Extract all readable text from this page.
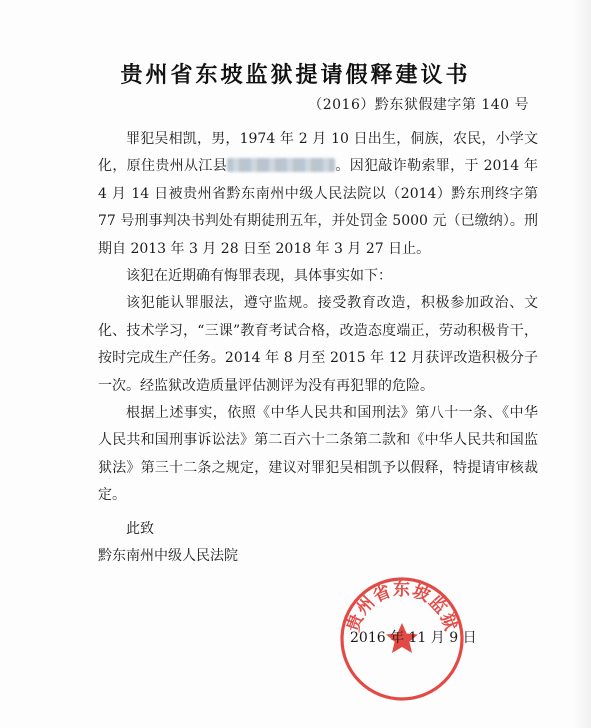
贵州省东坡监狱提请假释建议书
（2016）黔东狱假建字第 140 号

罪犯吴相凯，男，1974 年 2 月 10 日出生，侗族，农民，小学文化，原住贵州从江县	。因犯敲诈勒索罪，于 2014 年 4 月 14 日被贵州省黔东南州中级人民法院以（2014）黔东刑终字第 77 号刑事判决书判处有期徒刑五年，并处罚金 5000 元（已缴纳）。刑期自 2013 年 3 月 28 日至 2018 年 3 月 27 日止。

该犯在近期确有悔罪表现，具体事实如下：

该犯能认罪服法，遵守监规。接受教育改造，积极参加政治、文化、技术学习，“三课”教育考试合格，改造态度端正，劳动积极肯干，按时完成生产任务。2014 年 8 月至 2015 年 12 月获评改造积极分子一次。经监狱改造质量评估测评为没有再犯罪的危险。

根据上述事实，依照《中华人民共和国刑法》第八十一条、《中华人民共和国刑事诉讼法》第二百六十二条第二款和《中华人民共和国监狱法》第三十二条之规定，建议对罪犯吴相凯予以假释，特提请审核裁定。

此致
黔东南州中级人民法院
贵州省东坡监狱
2016 年 11 月 9 日
